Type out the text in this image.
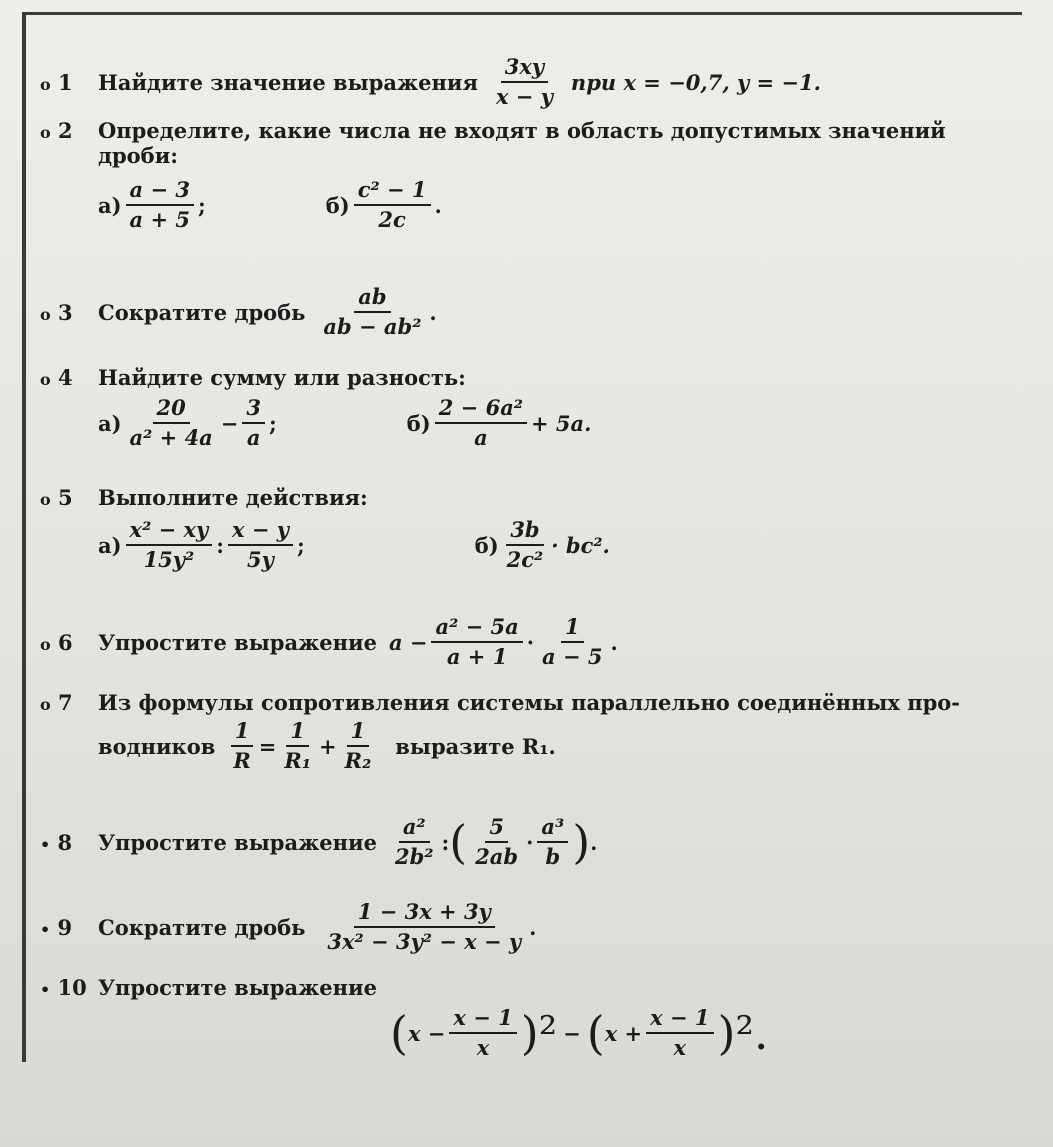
o 1	Найдите значение выражения $\frac{3xy}{x - y}$ при x = −0,7, y = −1.
o 2	Определите, какие числа не входят в область допустимых значений
дроби:
$а) \frac{a - 3}{a + 5}$ ;	$б) \frac{\text{c² − 1}}{2c}$ .
o 3	Сократите дробь $\frac{ab}{\text{ab − ab²}}$ .
o 4	Найдите сумму или разность:
$а) \frac{20}{\text{a² + 4a}} - \frac{3}{a}$ ;	$б) \frac{\text{2 − 6a²}}{a} + 5a$.
o 5	Выполните действия:
$а) \frac{\text{x² − xy}}{\text{15y²}}$ : $\frac{x - y}{5y}$ ;	$б) \frac{3b}{\text{2c²}} \cdot bc^2$.
o 6	Упростите выражение $a - \frac{\text{a² − 5a}}{a + 1} \cdot \frac{1}{a - 5}$ .
o 7	Из формулы сопротивления системы параллельно соединённых про-
водников $\frac{1}{R} = \frac{1}{\text{R₁}} + \frac{1}{\text{R₂}}$ выразите R₁.
• 8	Упростите выражение $\frac{\text{a²}}{\text{2b²}}$ : ( $\frac{5}{2ab} \cdot \frac{\text{a³}}{b}$ ) .
• 9	Сократите дробь $\frac{1 - 3x + 3y}{\text{3x² − 3y² − x − y}}$ .
• 10 Упростите выражение
( $x - \frac{x - 1}{x} )^2$ − ( $x + \frac{x - 1}{x} )^2$.
